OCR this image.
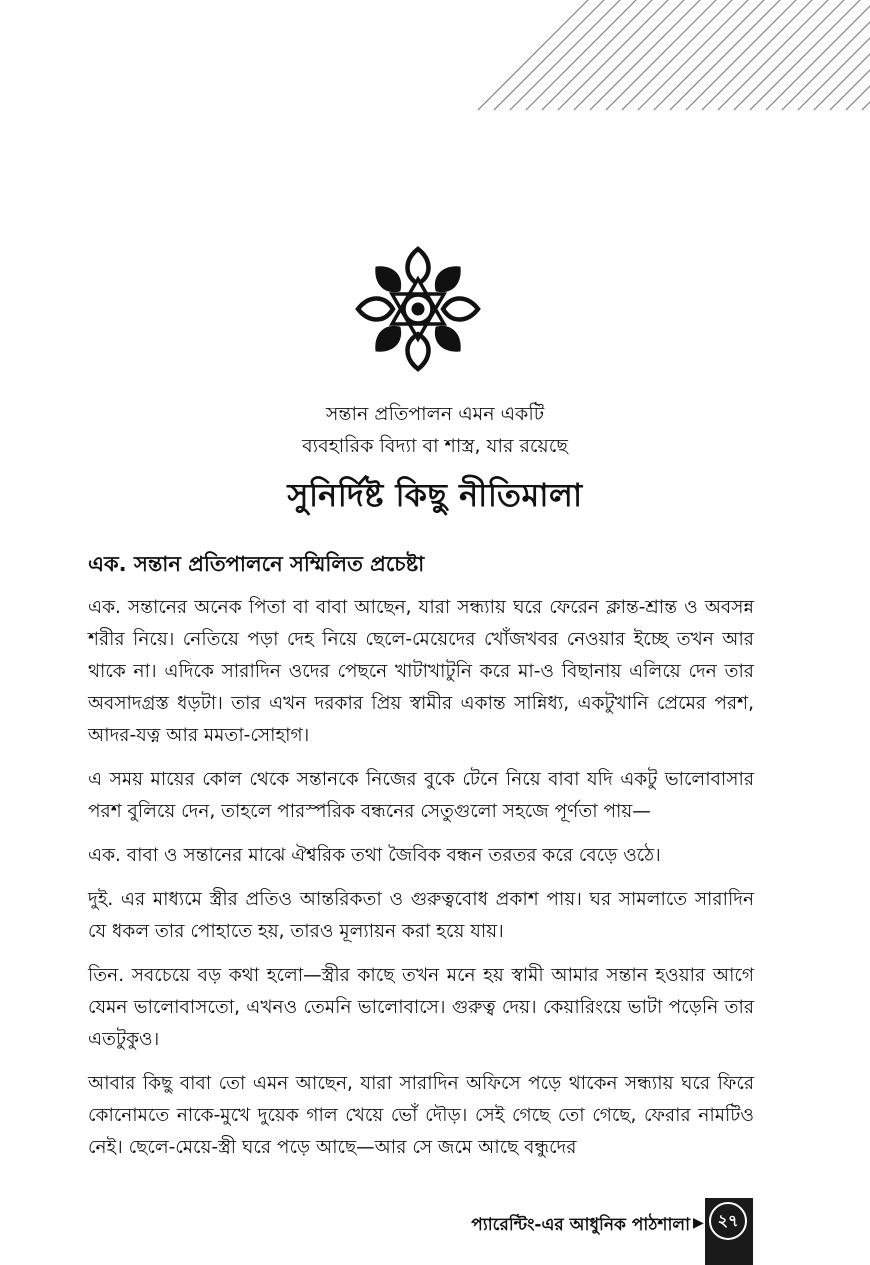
সন্তান প্রতিপালন এমন একটি
ব্যবহারিক বিদ্যা বা শাস্ত্র, যার রয়েছে
সুনির্দিষ্ট কিছু নীতিমালা
এক. সন্তান প্রতিপালনে সম্মিলিত প্রচেষ্টা

এক. সন্তানের অনেক পিতা বা বাবা আছেন, যারা সন্ধ্যায় ঘরে ফেরেন ক্লান্ত-শ্রান্ত ও অবসন্ন শরীর নিয়ে। নেতিয়ে পড়া দেহ নিয়ে ছেলে-মেয়েদের খোঁজখবর নেওয়ার ইচ্ছে তখন আর থাকে না। এদিকে সারাদিন ওদের পেছনে খাটাখাটুনি করে মা-ও বিছানায় এলিয়ে দেন তার অবসাদগ্রস্ত ধড়টা। তার এখন দরকার প্রিয় স্বামীর একান্ত সান্নিধ্য, একটুখানি প্রেমের পরশ, আদর-যত্ন আর মমতা-সোহাগ।

এ সময় মায়ের কোল থেকে সন্তানকে নিজের বুকে টেনে নিয়ে বাবা যদি একটু ভালোবাসার পরশ বুলিয়ে দেন, তাহলে পারস্পরিক বন্ধনের সেতুগুলো সহজে পূর্ণতা পায়—

এক. বাবা ও সন্তানের মাঝে ঐশ্বরিক তথা জৈবিক বন্ধন তরতর করে বেড়ে ওঠে।

দুই. এর মাধ্যমে স্ত্রীর প্রতিও আন্তরিকতা ও গুরুত্ববোধ প্রকাশ পায়। ঘর সামলাতে সারাদিন যে ধকল তার পোহাতে হয়, তারও মূল্যায়ন করা হয়ে যায়।

তিন. সবচেয়ে বড় কথা হলো—স্ত্রীর কাছে তখন মনে হয় স্বামী আমার সন্তান হওয়ার আগে যেমন ভালোবাসতো, এখনও তেমনি ভালোবাসে। গুরুত্ব দেয়। কেয়ারিংয়ে ভাটা পড়েনি তার এতটুকুও।

আবার কিছু বাবা তো এমন আছেন, যারা সারাদিন অফিসে পড়ে থাকেন সন্ধ্যায় ঘরে ফিরে কোনোমতে নাকে-মুখে দুয়েক গাল খেয়ে ভোঁ দৌড়। সেই গেছে তো গেছে, ফেরার নামটিও নেই। ছেলে-মেয়ে-স্ত্রী ঘরে পড়ে আছে—আর সে জমে আছে বন্ধুদের

প্যারেন্টিং-এর আধুনিক পাঠশালা ▶ ২৭
